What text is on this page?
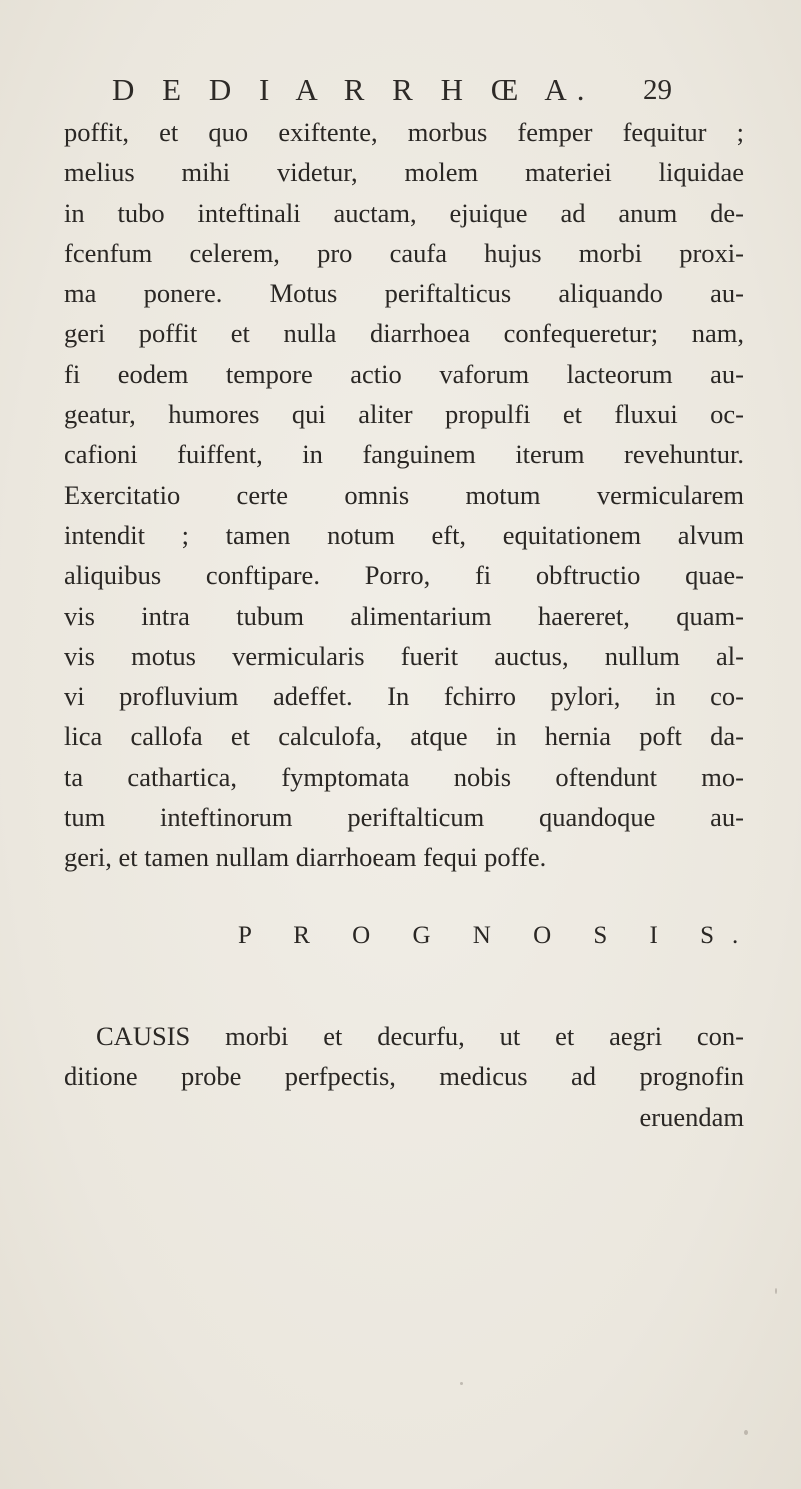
D E D I A R R H Œ A. 29
poffit, et quo exiftente, morbus femper fequitur ;
melius mihi videtur, molem materiei liquidae
in tubo inteftinali auctam, ejuique ad anum de-
fcenfum celerem, pro caufa hujus morbi proxi-
ma ponere. Motus periftalticus aliquando au-
geri poffit et nulla diarrhoea confequeretur; nam,
fi eodem tempore actio vaforum lacteorum au-
geatur, humores qui aliter propulfi et fluxui oc-
cafioni fuiffent, in fanguinem iterum revehuntur.
Exercitatio certe omnis motum vermicularem
intendit ; tamen notum eft, equitationem alvum
aliquibus conftipare. Porro, fi obftructio quae-
vis intra tubum alimentarium haereret, quam-
vis motus vermicularis fuerit auctus, nullum al-
vi profluvium adeffet. In fchirro pylori, in co-
lica callofa et calculofa, atque in hernia poft da-
ta cathartica, fymptomata nobis oftendunt mo-
tum inteftinorum periftalticum quandoque au-
geri, et tamen nullam diarrhoeam fequi poffe.
P R O G N O S I S.
CAUSIS morbi et decurfu, ut et aegri con-
ditione probe perfpectis, medicus ad prognofin
eruendam
